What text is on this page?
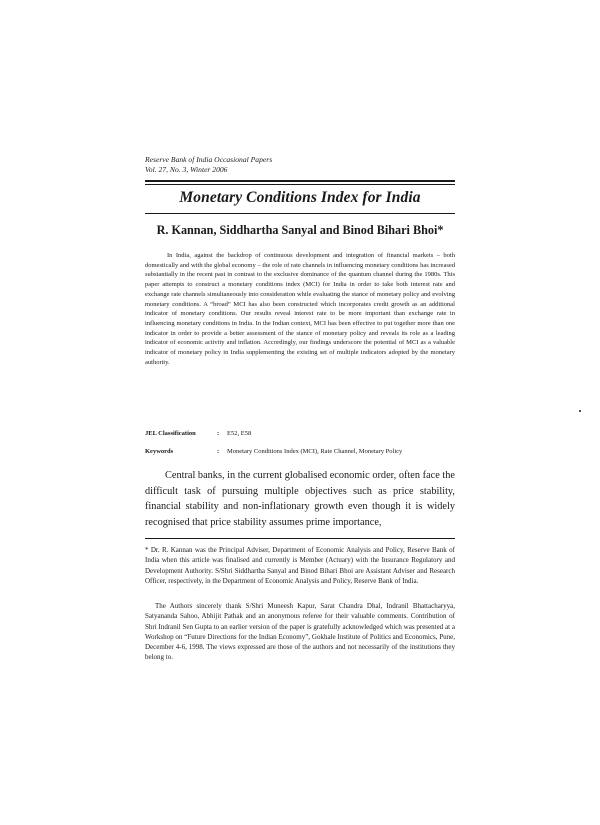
Reserve Bank of India Occasional Papers
Vol. 27, No. 3, Winter 2006
Monetary Conditions Index for India
R. Kannan, Siddhartha Sanyal and Binod Bihari Bhoi*
In India, against the backdrop of continuous development and integration of financial markets – both domestically and with the global economy – the role of rate channels in influencing monetary conditions has increased substantially in the recent past in contrast to the exclusive dominance of the quantum channel during the 1980s. This paper attempts to construct a monetary conditions index (MCI) for India in order to take both interest rate and exchange rate channels simultaneously into consideration while evaluating the stance of monetary policy and evolving monetary conditions. A “broad” MCI has also been constructed which incorporates credit growth as an additional indicator of monetary conditions. Our results reveal interest rate to be more important than exchange rate in influencing monetary conditions in India. In the Indian context, MCI has been effective to put together more than one indicator in order to provide a better assessment of the stance of monetary policy and reveals its role as a leading indicator of economic activity and inflation. Accordingly, our findings underscore the potential of MCI as a valuable indicator of monetary policy in India supplementing the existing set of multiple indicators adopted by the monetary authority.
JEL Classification	: E52, E58
Keywords	: Monetary Conditions Index (MCI), Rate Channel, Monetary Policy
Central banks, in the current globalised economic order, often face the difficult task of pursuing multiple objectives such as price stability, financial stability and non-inflationary growth even though it is widely recognised that price stability assumes prime importance,
* Dr. R. Kannan was the Principal Adviser, Department of Economic Analysis and Policy, Reserve Bank of India when this article was finalised and currently is Member (Actuary) with the Insurance Regulatory and Development Authority. S/Shri Siddhartha Sanyal and Binod Bihari Bhoi are Assistant Adviser and Research Officer, respectively, in the Department of Economic Analysis and Policy, Reserve Bank of India.
The Authors sincerely thank S/Shri Muneesh Kapur, Sarat Chandra Dhal, Indranil Bhattacharyya, Satyananda Sahoo, Abhijit Pathak and an anonymous referee for their valuable comments. Contribution of Shri Indranil Sen Gupta to an earlier version of the paper is gratefully acknowledged which was presented at a Workshop on “Future Directions for the Indian Economy”, Gokhale Institute of Politics and Economics, Pune, December 4-6, 1998. The views expressed are those of the authors and not necessarily of the institutions they belong to.
